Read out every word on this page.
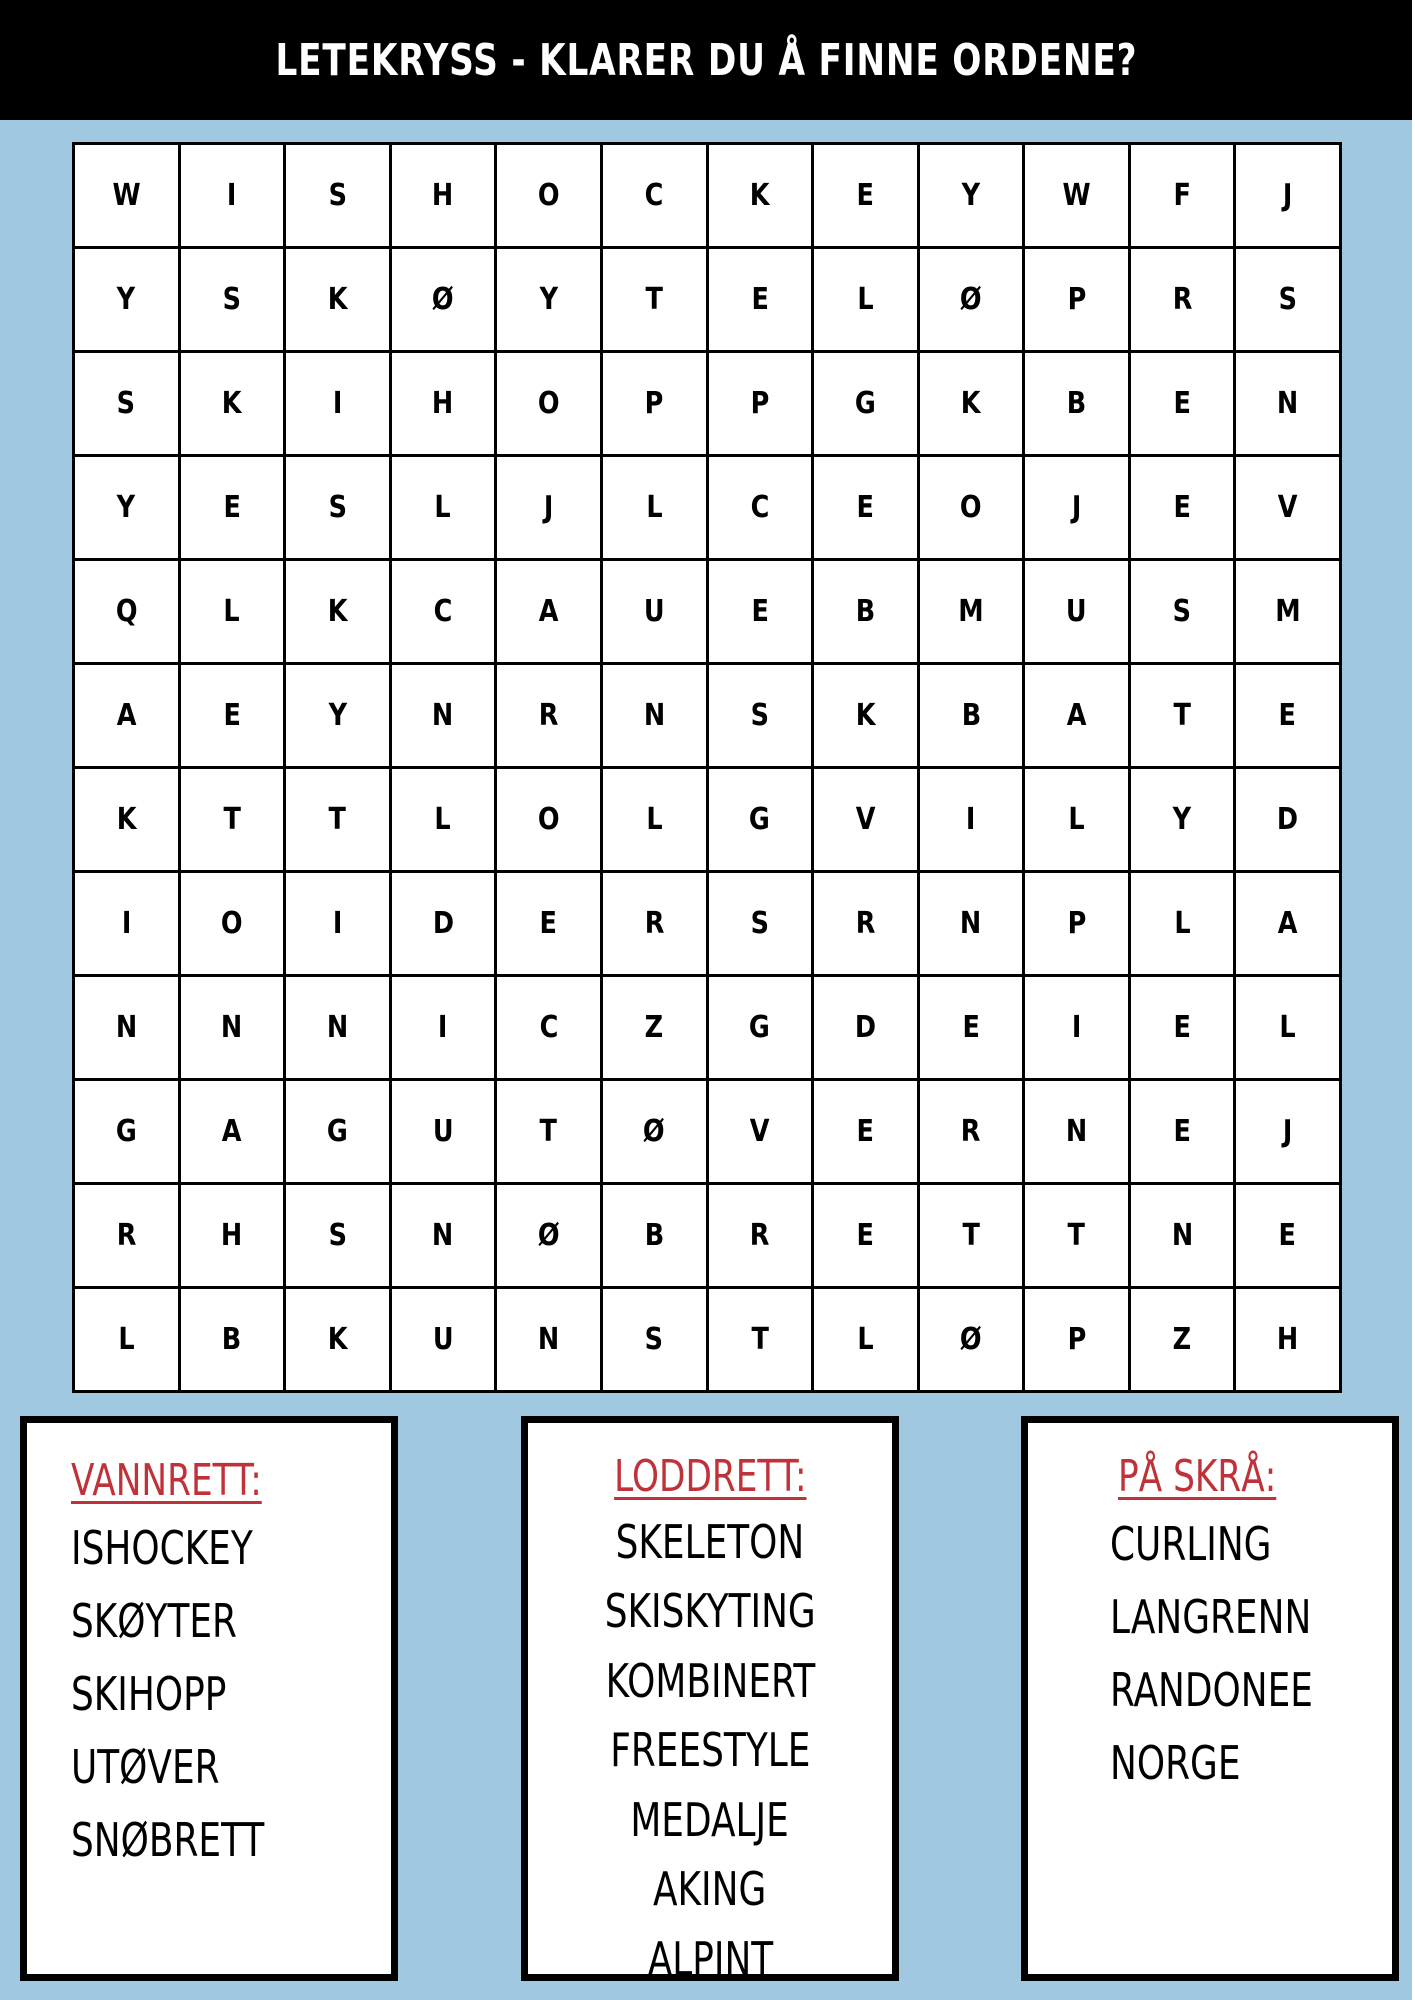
LETEKRYSS - KLARER DU Å FINNE ORDENE?
W	I	S	H	O	C	K	E	Y	W	F	J
Y	S	K	Ø	Y	T	E	L	Ø	P	R	S
S	K	I	H	O	P	P	G	K	B	E	N
Y	E	S	L	J	L	C	E	O	J	E	V
Q	L	K	C	A	U	E	B	M	U	S	M
A	E	Y	N	R	N	S	K	B	A	T	E
K	T	T	L	O	L	G	V	I	L	Y	D
I	O	I	D	E	R	S	R	N	P	L	A
N	N	N	I	C	Z	G	D	E	I	E	L
G	A	G	U	T	Ø	V	E	R	N	E	J
R	H	S	N	Ø	B	R	E	T	T	N	E
L	B	K	U	N	S	T	L	Ø	P	Z	H
VANNRETT:
ISHOCKEY
SKØYTER
SKIHOPP
UTØVER
SNØBRETT
LODDRETT:
SKELETON
SKISKYTING
KOMBINERT
FREESTYLE
MEDALJE
AKING
ALPINT
PÅ SKRÅ:
CURLING
LANGRENN
RANDONEE
NORGE
